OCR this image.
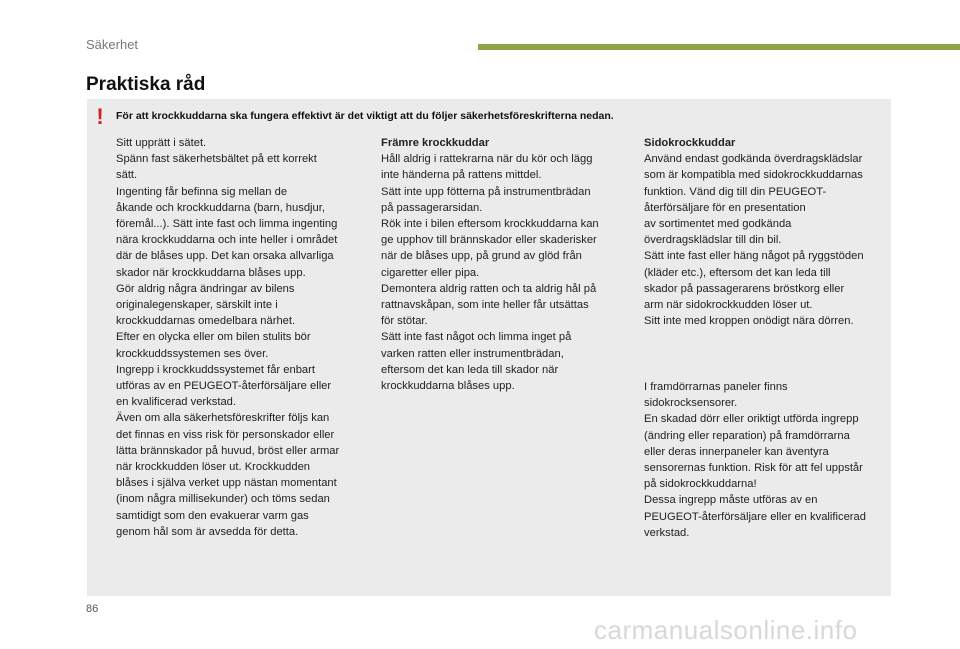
Säkerhet
Praktiska råd
! För att krockkuddarna ska fungera effektivt är det viktigt att du följer säkerhetsföreskrifterna nedan.

Sitt upprätt i sätet.
Spänn fast säkerhetsbältet på ett korrekt
sätt.
Ingenting får befinna sig mellan de
åkande och krockkuddarna (barn, husdjur,
föremål...). Sätt inte fast och limma ingenting
nära krockkuddarna och inte heller i området
där de blåses upp. Det kan orsaka allvarliga
skador när krockkuddarna blåses upp.
Gör aldrig några ändringar av bilens
originalegenskaper, särskilt inte i
krockkuddarnas omedelbara närhet.
Efter en olycka eller om bilen stulits bör
krockkuddssystemen ses över.
Ingrepp i krockkuddssystemet får enbart
utföras av en PEUGEOT-återförsäljare eller
en kvalificerad verkstad.
Även om alla säkerhetsföreskrifter följs kan
det finnas en viss risk för personskador eller
lätta brännskador på huvud, bröst eller armar
när krockkudden löser ut. Krockkudden
blåses i själva verket upp nästan momentant
(inom några millisekunder) och töms sedan
samtidigt som den evakuerar varm gas
genom hål som är avsedda för detta.

Främre krockkuddar

Håll aldrig i rattekrarna när du kör och lägg
inte händerna på rattens mittdel.
Sätt inte upp fötterna på instrumentbrädan
på passagerarsidan.
Rök inte i bilen eftersom krockkuddarna kan
ge upphov till brännskador eller skaderisker
när de blåses upp, på grund av glöd från
cigaretter eller pipa.
Demontera aldrig ratten och ta aldrig hål på
rattnavskåpan, som inte heller får utsättas
för stötar.
Sätt inte fast något och limma inget på
varken ratten eller instrumentbrädan,
eftersom det kan leda till skador när
krockkuddarna blåses upp.

Sidokrockkuddar

Använd endast godkända överdragsklädslar
som är kompatibla med sidokrockkuddarnas
funktion. Vänd dig till din PEUGEOT-
återförsäljare för en presentation
av sortimentet med godkända
överdragsklädslar till din bil.
Sätt inte fast eller häng något på ryggstöden
(kläder etc.), eftersom det kan leda till
skador på passagerarens bröstkorg eller
arm när sidokrockkudden löser ut.
Sitt inte med kroppen onödigt nära dörren.

I framdörrarnas paneler finns
sidokrocksensorer.
En skadad dörr eller oriktigt utförda ingrepp
(ändring eller reparation) på framdörrarna
eller deras innerpaneler kan äventyra
sensorernas funktion. Risk för att fel uppstår
på sidokrockkuddarna!
Dessa ingrepp måste utföras av en
PEUGEOT-återförsäljare eller en kvalificerad
verkstad.

86
carmanualsonline.info
